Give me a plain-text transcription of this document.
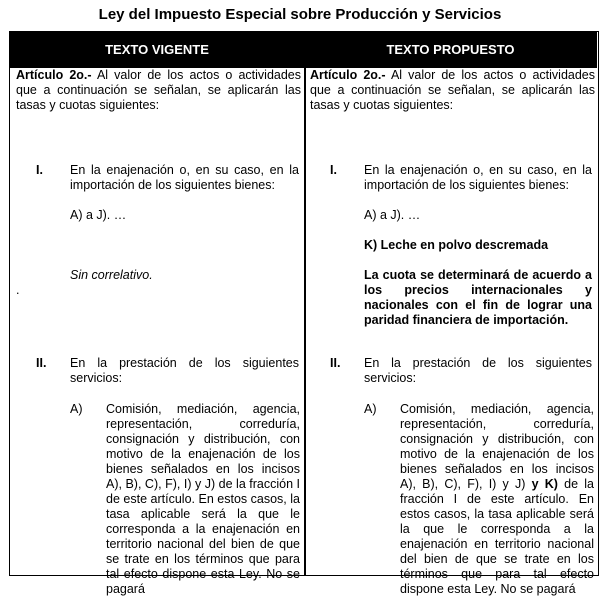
Ley del Impuesto Especial sobre Producción y Servicios
TEXTO VIGENTE	TEXTO PROPUESTO
Artículo 2o.- Al valor de los actos o actividades que a continuación se señalan, se aplicarán las tasas y cuotas siguientes:
I. En la enajenación o, en su caso, en la importación de los siguientes bienes:
A) a J). …
Sin correlativo.
.
II. En la prestación de los siguientes servicios:
A) Comisión, mediación, agencia, representación, correduría, consignación y distribución, con motivo de la enajenación de los bienes señalados en los incisos A), B), C), F), I) y J) de la fracción I de este artículo. En estos casos, la tasa aplicable será la que le corresponda a la enajenación en territorio nacional del bien de que se trate en los términos que para tal efecto dispone esta Ley. No se pagará
Artículo 2o.- Al valor de los actos o actividades que a continuación se señalan, se aplicarán las tasas y cuotas siguientes:
I. En la enajenación o, en su caso, en la importación de los siguientes bienes:
A) a J). …
K) Leche en polvo descremada
La cuota se determinará de acuerdo a los precios internacionales y nacionales con el fin de lograr una paridad financiera de importación.
II. En la prestación de los siguientes servicios:
A) Comisión, mediación, agencia, representación, correduría, consignación y distribución, con motivo de la enajenación de los bienes señalados en los incisos A), B), C), F), I) y J) y K) de la fracción I de este artículo. En estos casos, la tasa aplicable será la que le corresponda a la enajenación en territorio nacional del bien de que se trate en los términos que para tal efecto dispone esta Ley. No se pagará
